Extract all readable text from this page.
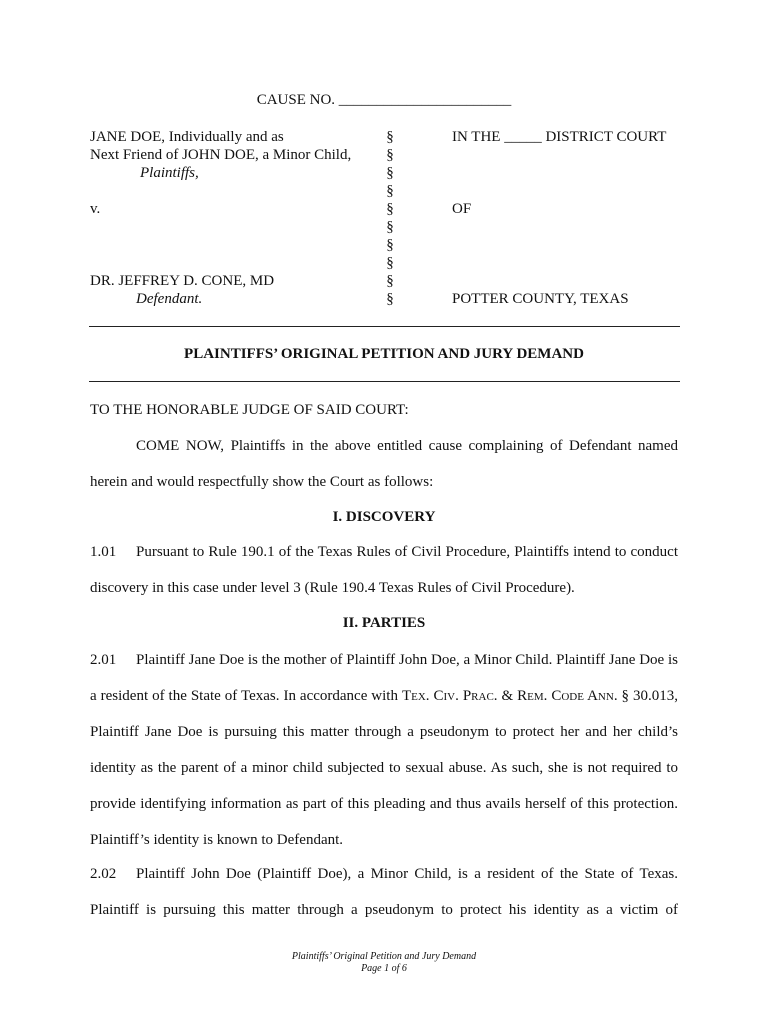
CAUSE NO. _______________________
JANE DOE, Individually and as
Next Friend of JOHN DOE, a Minor Child,
Plaintiffs,
v.
DR. JEFFREY D. CONE, MD
Defendant.
§
§
§
§
§
§
§
§
§
§
IN THE _____ DISTRICT COURT
OF
POTTER COUNTY, TEXAS
PLAINTIFFS’ ORIGINAL PETITION AND JURY DEMAND
TO THE HONORABLE JUDGE OF SAID COURT:
COME NOW, Plaintiffs in the above entitled cause complaining of Defendant named
herein and would respectfully show the Court as follows:
I. DISCOVERY
1.01 Pursuant to Rule 190.1 of the Texas Rules of Civil Procedure, Plaintiffs intend to conduct
discovery in this case under level 3 (Rule 190.4 Texas Rules of Civil Procedure).
II. PARTIES
2.01 Plaintiff Jane Doe is the mother of Plaintiff John Doe, a Minor Child. Plaintiff Jane Doe is
a resident of the State of Texas. In accordance with Tex. Civ. Prac. & Rem. Code Ann. § 30.013,
Plaintiff Jane Doe is pursuing this matter through a pseudonym to protect her and her child’s
identity as the parent of a minor child subjected to sexual abuse. As such, she is not required to
provide identifying information as part of this pleading and thus avails herself of this protection.
Plaintiff’s identity is known to Defendant.
2.02 Plaintiff John Doe (Plaintiff Doe), a Minor Child, is a resident of the State of Texas.
Plaintiff is pursuing this matter through a pseudonym to protect his identity as a victim of
Plaintiffs’ Original Petition and Jury Demand
Page 1 of 6
